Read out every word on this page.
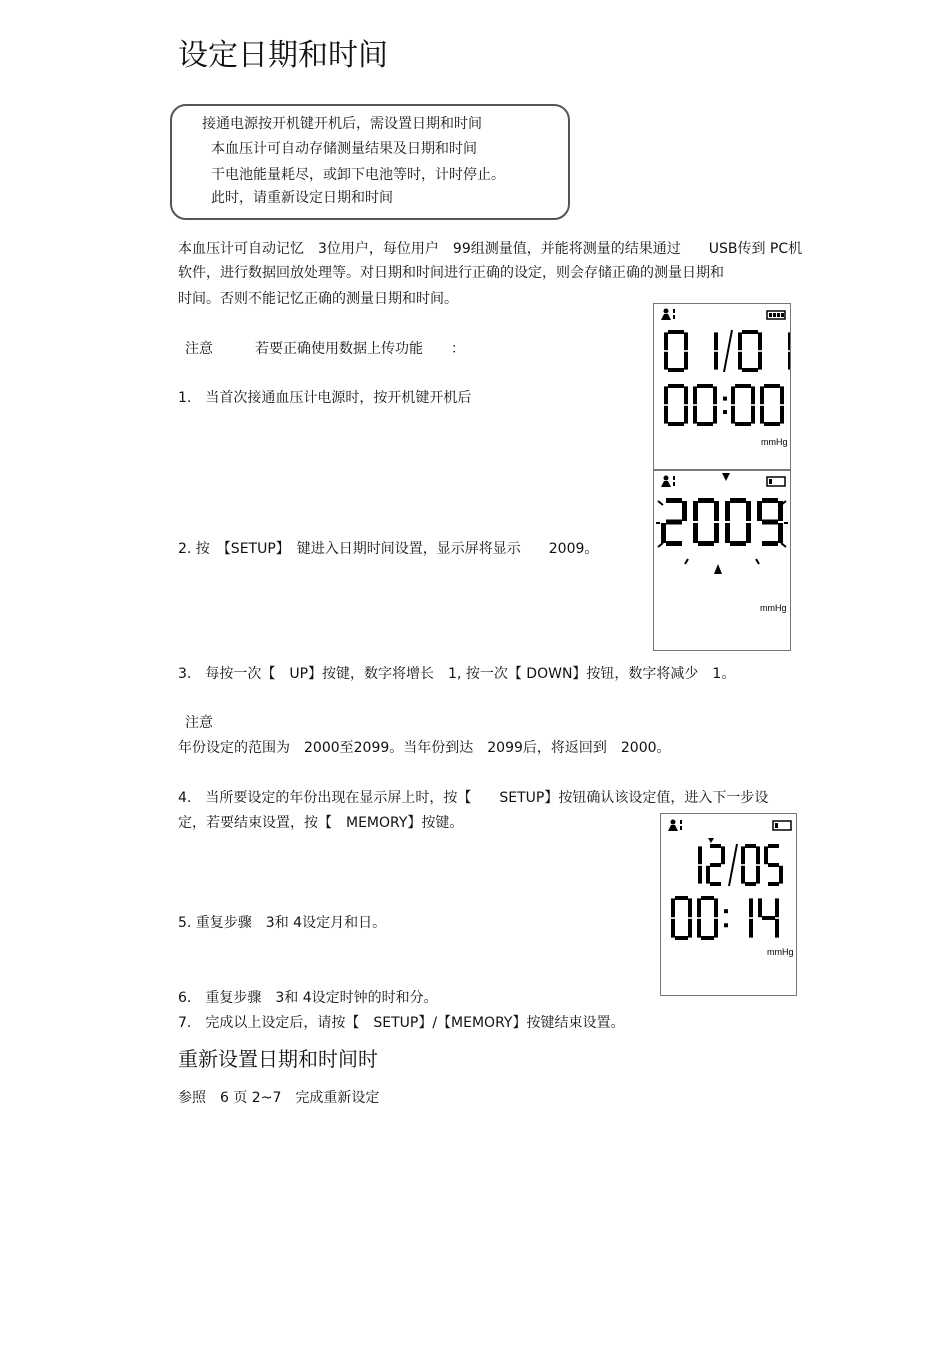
设定日期和时间
接通电源按开机键开机后，需设置日期和时间
本血压计可自动存储测量结果及日期和时间
干电池能量耗尽，或卸下电池等时，计时停止。
此时，请重新设定日期和时间
本血压计可自动记忆　3位用户，每位用户　99组测量值，并能将测量的结果通过　　USB传到 PC机
软件，进行数据回放处理等。对日期和时间进行正确的设定，则会存储正确的测量日期和
时间。否则不能记忆正确的测量日期和时间。
注意　　　若要正确使用数据上传功能　　：
1.　当首次接通血压计电源时，按开机键开机后
2. 按　【SETUP】　键进入日期时间设置，显示屏将显示　　2009。
3.　每按一次【　UP】按键，数字将增长　1, 按一次【 DOWN】按钮，数字将减少　1。
注意
年份设定的范围为　2000至2099。当年份到达　2099后，将返回到　2000。
4.　当所要设定的年份出现在显示屏上时，按【　　SETUP】按钮确认该设定值，进入下一步设
定，若要结束设置，按【　MEMORY】按键。
5. 重复步骤　3和 4设定月和日。
6.　重复步骤　3和 4设定时钟的时和分。
7.　完成以上设定后，请按【　SETUP】/【MEMORY】按键结束设置。
重新设置日期和时间时
参照　6 页 2~7　完成重新设定
mmHg
mmHg
mmHg
